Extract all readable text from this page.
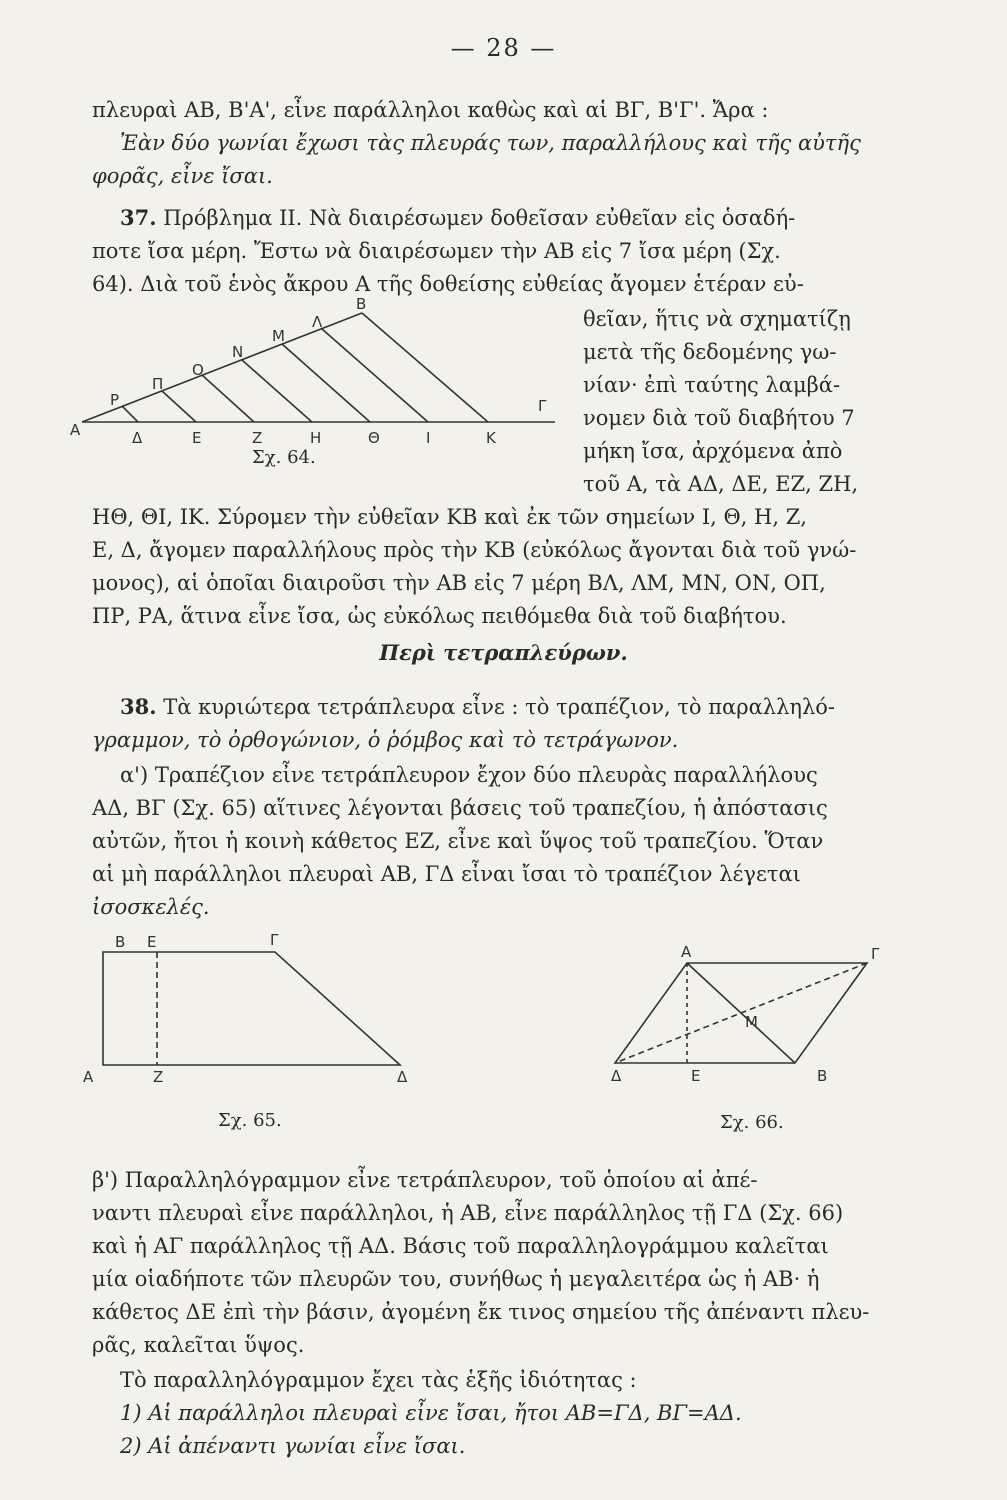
— 28 —
πλευραὶ ΑΒ, Β'Α', εἶνε παράλληλοι καθὼς καὶ αἱ ΒΓ, Β'Γ'. Ἄρα :
Ἐὰν δύο γωνίαι ἔχωσι τὰς πλευράς των, παραλλήλους καὶ τῆς αὐτῆς
φορᾶς, εἶνε ἴσαι.
37. Πρόβλημα ΙΙ. Νὰ διαιρέσωμεν δοθεῖσαν εὐθεῖαν εἰς ὁσαδή-
ποτε ἴσα μέρη. Ἔστω νὰ διαιρέσωμεν τὴν ΑΒ εἰς 7 ἴσα μέρη (Σχ.
64). Διὰ τοῦ ἑνὸς ἄκρου Α τῆς δοθείσης εὐθείας ἄγομεν ἑτέραν εὐ-
θεῖαν, ἥτις νὰ σχηματίζῃ
μετὰ τῆς δεδομένης γω-
νίαν· ἐπὶ ταύτης λαμβά-
νομεν διὰ τοῦ διαβήτου 7
μήκη ἴσα, ἀρχόμενα ἀπὸ
τοῦ Α, τὰ ΑΔ, ΔΕ, ΕΖ, ΖΗ,
Α	Δ	Ε	Ζ	Η	Θ	Ι	Κ
Γ
Ρ
Π
Ο
Ν
Μ
Λ
Β
Σχ. 64.
ΗΘ, ΘΙ, ΙΚ. Σύρομεν τὴν εὐθεῖαν ΚΒ καὶ ἐκ τῶν σημείων Ι, Θ, Η, Ζ,
Ε, Δ, ἄγομεν παραλλήλους πρὸς τὴν ΚΒ (εὐκόλως ἄγονται διὰ τοῦ γνώ-
μονος), αἱ ὁποῖαι διαιροῦσι τὴν ΑΒ εἰς 7 μέρη ΒΛ, ΛΜ, ΜΝ, ΟΝ, ΟΠ,
ΠΡ, ΡΑ, ἅτινα εἶνε ἴσα, ὡς εὐκόλως πειθόμεθα διὰ τοῦ διαβήτου.
Περὶ τετραπλεύρων.
38. Τὰ κυριώτερα τετράπλευρα εἶνε : τὸ τραπέζιον, τὸ παραλληλό-
γραμμον, τὸ ὀρθογώνιον, ὁ ῥόμβος καὶ τὸ τετράγωνον.
α') Τραπέζιον εἶνε τετράπλευρον ἔχον δύο πλευρὰς παραλλήλους
ΑΔ, ΒΓ (Σχ. 65) αἵτινες λέγονται βάσεις τοῦ τραπεζίου, ἡ ἀπόστασις
αὐτῶν, ἤτοι ἡ κοινὴ κάθετος ΕΖ, εἶνε καὶ ὕψος τοῦ τραπεζίου. Ὅταν
αἱ μὴ παράλληλοι πλευραὶ ΑΒ, ΓΔ εἶναι ἴσαι τὸ τραπέζιον λέγεται
ἰσοσκελές.
Β Ε	Γ
Α	Ζ	Δ
Σχ. 65.
Α	Γ
Μ
Δ	Ε	Β
Σχ. 66.
β') Παραλληλόγραμμον εἶνε τετράπλευρον, τοῦ ὁποίου αἱ ἀπέ-
ναντι πλευραὶ εἶνε παράλληλοι, ἡ ΑΒ, εἶνε παράλληλος τῇ ΓΔ (Σχ. 66)
καὶ ἡ ΑΓ παράλληλος τῇ ΑΔ. Βάσις τοῦ παραλληλογράμμου καλεῖται
μία οἱαδήποτε τῶν πλευρῶν του, συνήθως ἡ μεγαλειτέρα ὡς ἡ ΑΒ· ἡ
κάθετος ΔΕ ἐπὶ τὴν βάσιν, ἀγομένη ἔκ τινος σημείου τῆς ἀπέναντι πλευ-
ρᾶς, καλεῖται ὕψος.
Τὸ παραλληλόγραμμον ἔχει τὰς ἑξῆς ἰδιότητας :
1) Αἱ παράλληλοι πλευραὶ εἶνε ἴσαι, ἤτοι ΑΒ=ΓΔ, ΒΓ=ΑΔ.
2) Αἱ ἀπέναντι γωνίαι εἶνε ἴσαι.
